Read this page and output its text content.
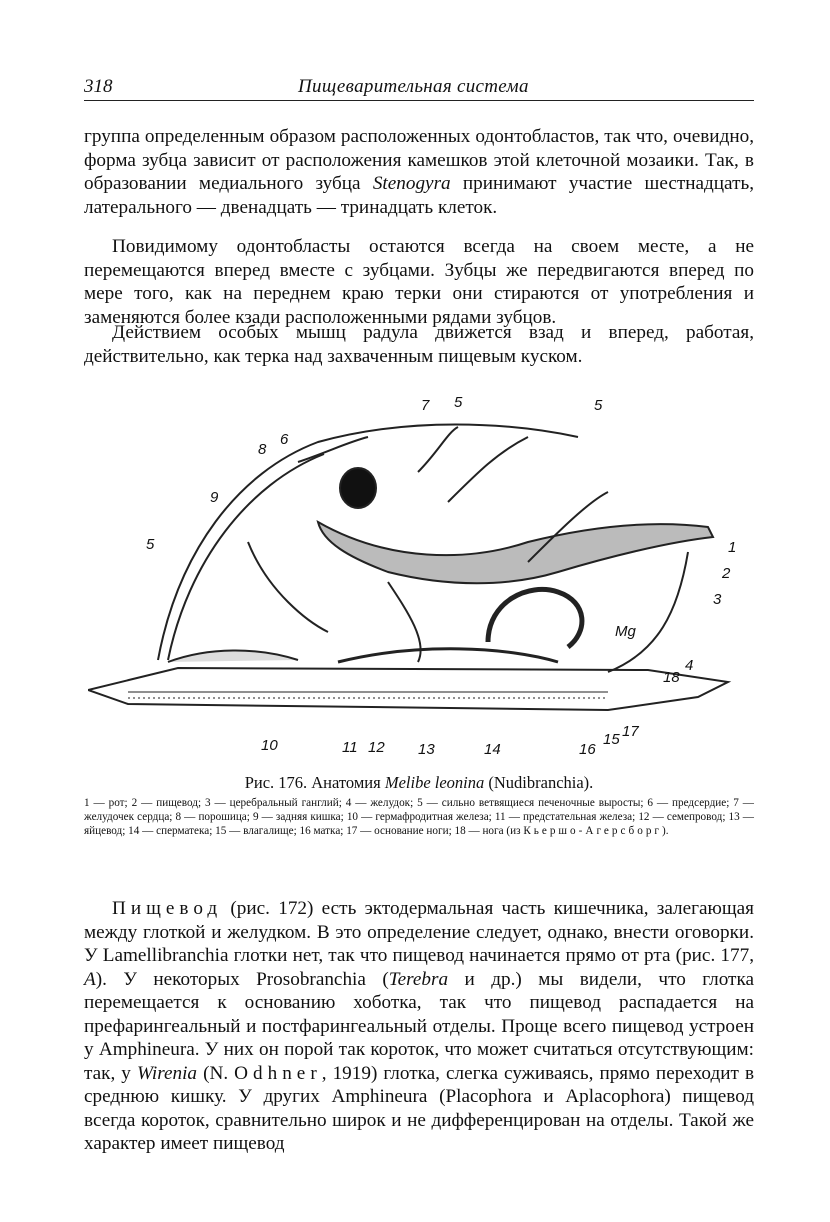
318	Пищеварительная система

группа определенным образом расположенных одонтобластов, так что, очевидно, форма зубца зависит от расположения камешков этой клеточной мозаики. Так, в образовании медиального зубца Stenogyra принимают участие шестнадцать, латерального — двенадцать — тринадцать клеток.

Повидимому одонтобласты остаются всегда на своем месте, а не перемещаются вперед вместе с зубцами. Зубцы же передвигаются вперед по мере того, как на переднем краю терки они стираются от употребления и заменяются более кзади расположенными рядами зубцов.

Действием особых мышц радула движется взад и вперед, работая, действительно, как терка над захваченным пищевым куском.

7 5	5
6
8
9
5	1
2
3
Mg
4
18
10	11 12 13	14	16
15 17
Рис. 176. Анатомия Melibe leonina (Nudibranchia).

1 — рот; 2 — пищевод; 3 — церебральный ганглий; 4 — желудок; 5 — сильно ветвящиеся печеночные выросты; 6 — предсердие; 7 — желудочек сердца; 8 — порошица; 9 — задняя кишка; 10 — гермафродитная железа; 11 — предстательная железа; 12 — семепровод; 13 — яйцевод; 14 — сперматека; 15 — влагалище; 16 матка; 17 — основание ноги; 18 — нога (из Кьершо-Агерсборг).

Пищевод (рис. 172) есть эктодермальная часть кишечника, залегающая между глоткой и желудком. В это определение следует, однако, внести оговорки. У Lamellibranchia глотки нет, так что пищевод начинается прямо от рта (рис. 177, A). У некоторых Prosobranchia (Terebra и др.) мы видели, что глотка перемещается к основанию хоботка, так что пищевод распадается на префарингеальный и постфарингеальный отделы. Проще всего пищевод устроен у Amphineura. У них он порой так короток, что может считаться отсутствующим: так, у Wirenia (N. Odhner, 1919) глотка, слегка суживаясь, прямо переходит в среднюю кишку. У других Amphineura (Placophora и Aplacophora) пищевод всегда короток, сравнительно широк и не дифференцирован на отделы. Такой же характер имеет пищевод
